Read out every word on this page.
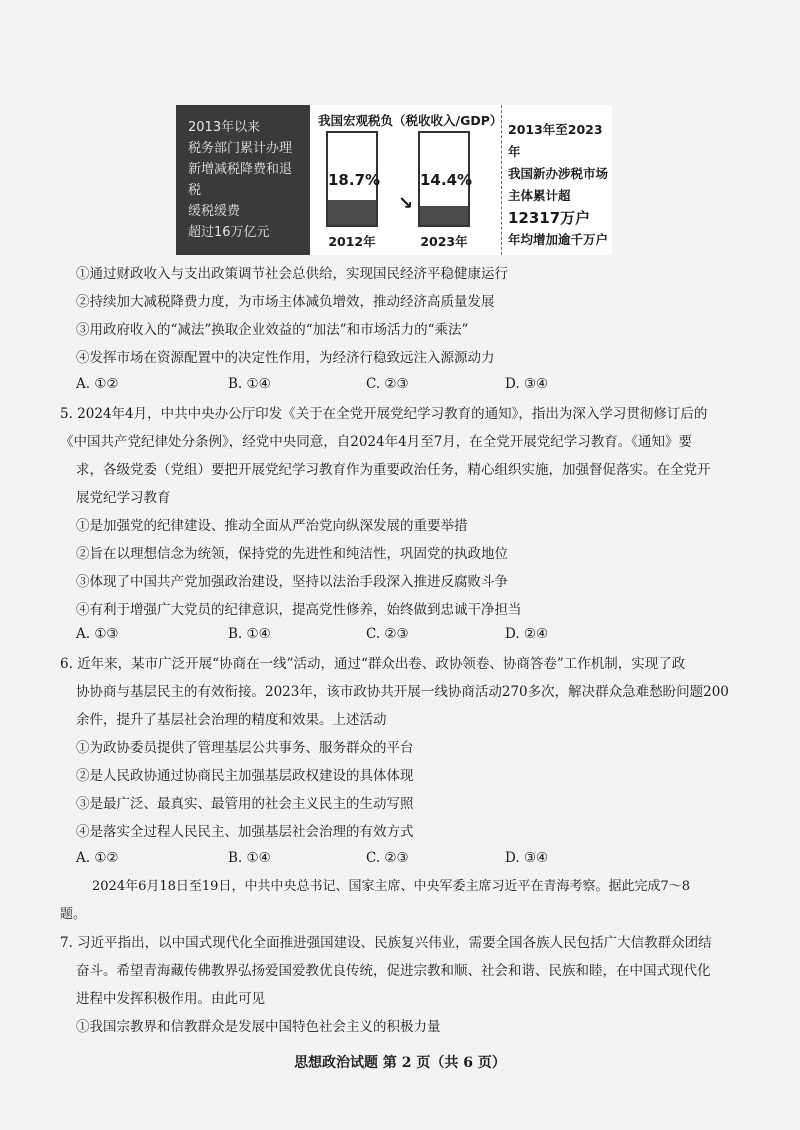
2013年以来
税务部门累计办理
新增减税降费和退税
缓税缓费
超过16万亿元
我国宏观税负（税收收入/GDP）
18.7%
2012年
↘
14.4%
2023年
2013年至2023年
我国新办涉税市场
主体累计超
12317万户
年均增加逾千万户
①通过财政收入与支出政策调节社会总供给，实现国民经济平稳健康运行
②持续加大减税降费力度，为市场主体减负增效，推动经济高质量发展
③用政府收入的“减法”换取企业效益的“加法”和市场活力的“乘法”
④发挥市场在资源配置中的决定性作用，为经济行稳致远注入源源动力
A. ①②	B. ①④	C. ②③	D. ③④
5. 2024年4月，中共中央办公厅印发《关于在全党开展党纪学习教育的通知》，指出为深入学习贯彻修订后的
《中国共产党纪律处分条例》，经党中央同意，自2024年4月至7月，在全党开展党纪学习教育。《通知》要
求，各级党委（党组）要把开展党纪学习教育作为重要政治任务，精心组织实施，加强督促落实。在全党开
展党纪学习教育
①是加强党的纪律建设、推动全面从严治党向纵深发展的重要举措
②旨在以理想信念为统领，保持党的先进性和纯洁性，巩固党的执政地位
③体现了中国共产党加强政治建设，坚持以法治手段深入推进反腐败斗争
④有利于增强广大党员的纪律意识，提高党性修养，始终做到忠诚干净担当
A. ①③	B. ①④	C. ②③	D. ②④
6. 近年来，某市广泛开展“协商在一线”活动，通过“群众出卷、政协领卷、协商答卷”工作机制，实现了政
协协商与基层民主的有效衔接。2023年，该市政协共开展一线协商活动270多次，解决群众急难愁盼问题200
余件，提升了基层社会治理的精度和效果。上述活动
①为政协委员提供了管理基层公共事务、服务群众的平台
②是人民政协通过协商民主加强基层政权建设的具体体现
③是最广泛、最真实、最管用的社会主义民主的生动写照
④是落实全过程人民民主、加强基层社会治理的有效方式
A. ①②	B. ①④	C. ②③	D. ③④
2024年6月18日至19日，中共中央总书记、国家主席、中央军委主席习近平在青海考察。据此完成7～8
题。
7. 习近平指出，以中国式现代化全面推进强国建设、民族复兴伟业，需要全国各族人民包括广大信教群众团结
奋斗。希望青海藏传佛教界弘扬爱国爱教优良传统，促进宗教和顺、社会和谐、民族和睦，在中国式现代化
进程中发挥积极作用。由此可见
①我国宗教界和信教群众是发展中国特色社会主义的积极力量
思想政治试题 第 2 页（共 6 页）
